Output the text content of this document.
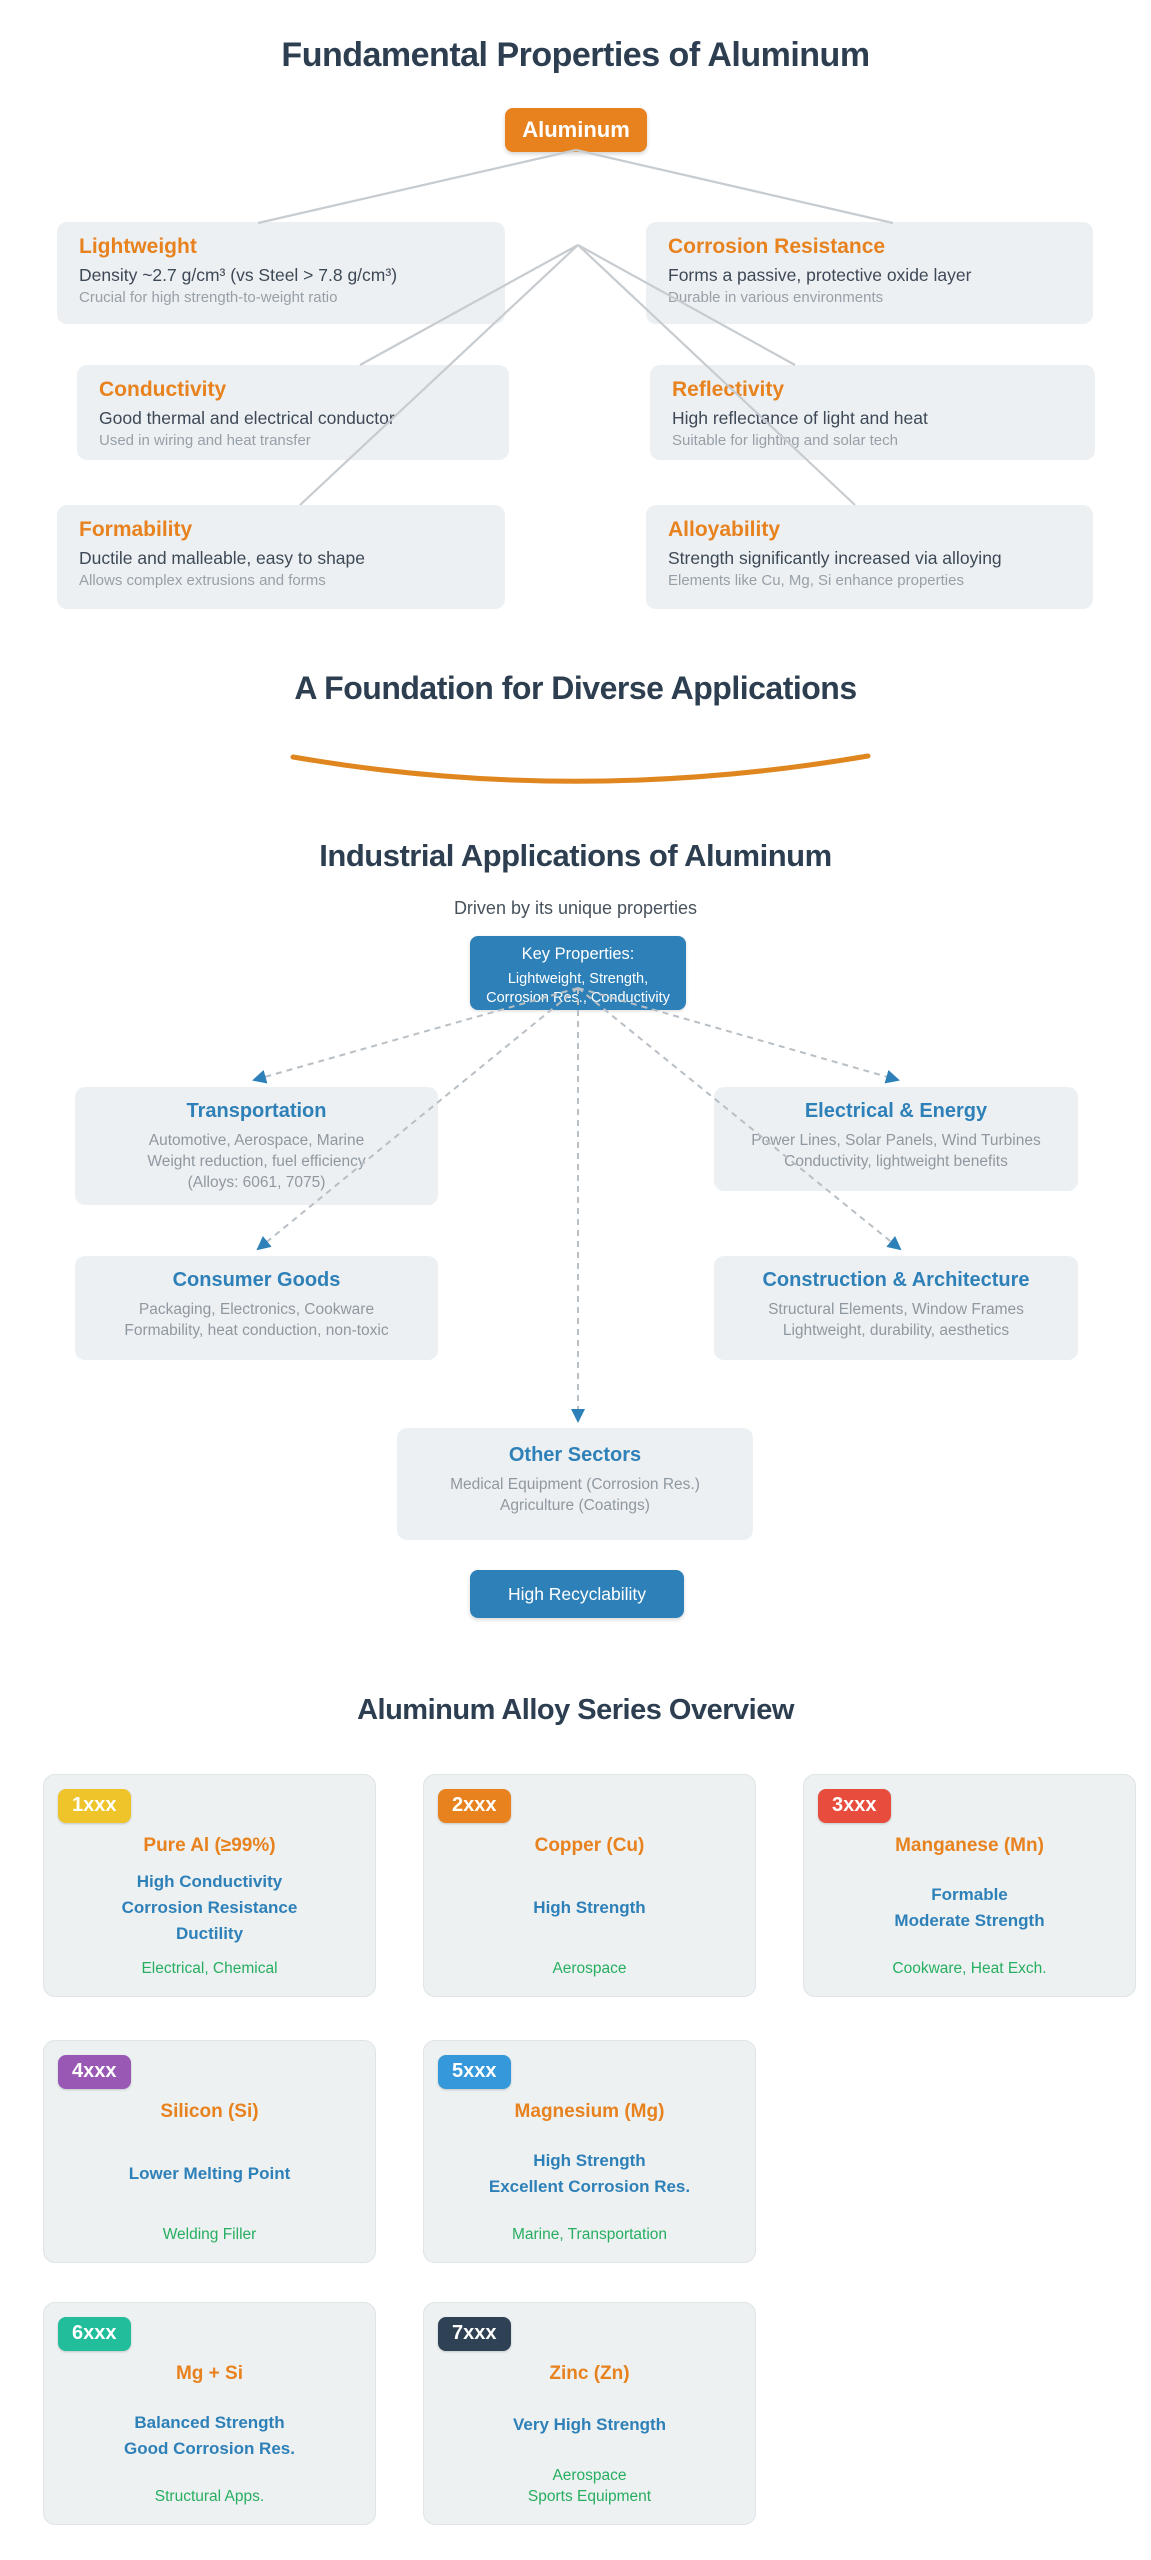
Fundamental Properties of Aluminum
Aluminum
Lightweight
Density ~2.7 g/cm³ (vs Steel > 7.8 g/cm³)
Crucial for high strength-to-weight ratio
Corrosion Resistance
Forms a passive, protective oxide layer
Durable in various environments
Conductivity
Good thermal and electrical conductor
Used in wiring and heat transfer
Reflectivity
High reflectance of light and heat
Suitable for lighting and solar tech
Formability
Ductile and malleable, easy to shape
Allows complex extrusions and forms
Alloyability
Strength significantly increased via alloying
Elements like Cu, Mg, Si enhance properties
A Foundation for Diverse Applications
Industrial Applications of Aluminum
Driven by its unique properties
Key Properties:
Lightweight, Strength,
Corrosion Res., Conductivity
Transportation
Automotive, Aerospace, Marine
Weight reduction, fuel efficiency
(Alloys: 6061, 7075)
Electrical & Energy
Power Lines, Solar Panels, Wind Turbines
Conductivity, lightweight benefits
Consumer Goods
Packaging, Electronics, Cookware
Formability, heat conduction, non-toxic
Construction & Architecture
Structural Elements, Window Frames
Lightweight, durability, aesthetics
Other Sectors
Medical Equipment (Corrosion Res.)
Agriculture (Coatings)
High Recyclability
Aluminum Alloy Series Overview
1xxx
Pure Al (≥99%)
High Conductivity
Corrosion Resistance
Ductility
Electrical, Chemical
2xxx
Copper (Cu)
High Strength
Aerospace
3xxx
Manganese (Mn)
Formable
Moderate Strength
Cookware, Heat Exch.
4xxx
Silicon (Si)
Lower Melting Point
Welding Filler
5xxx
Magnesium (Mg)
High Strength
Excellent Corrosion Res.
Marine, Transportation
6xxx
Mg + Si
Balanced Strength
Good Corrosion Res.
Structural Apps.
7xxx
Zinc (Zn)
Very High Strength
Aerospace
Sports Equipment
